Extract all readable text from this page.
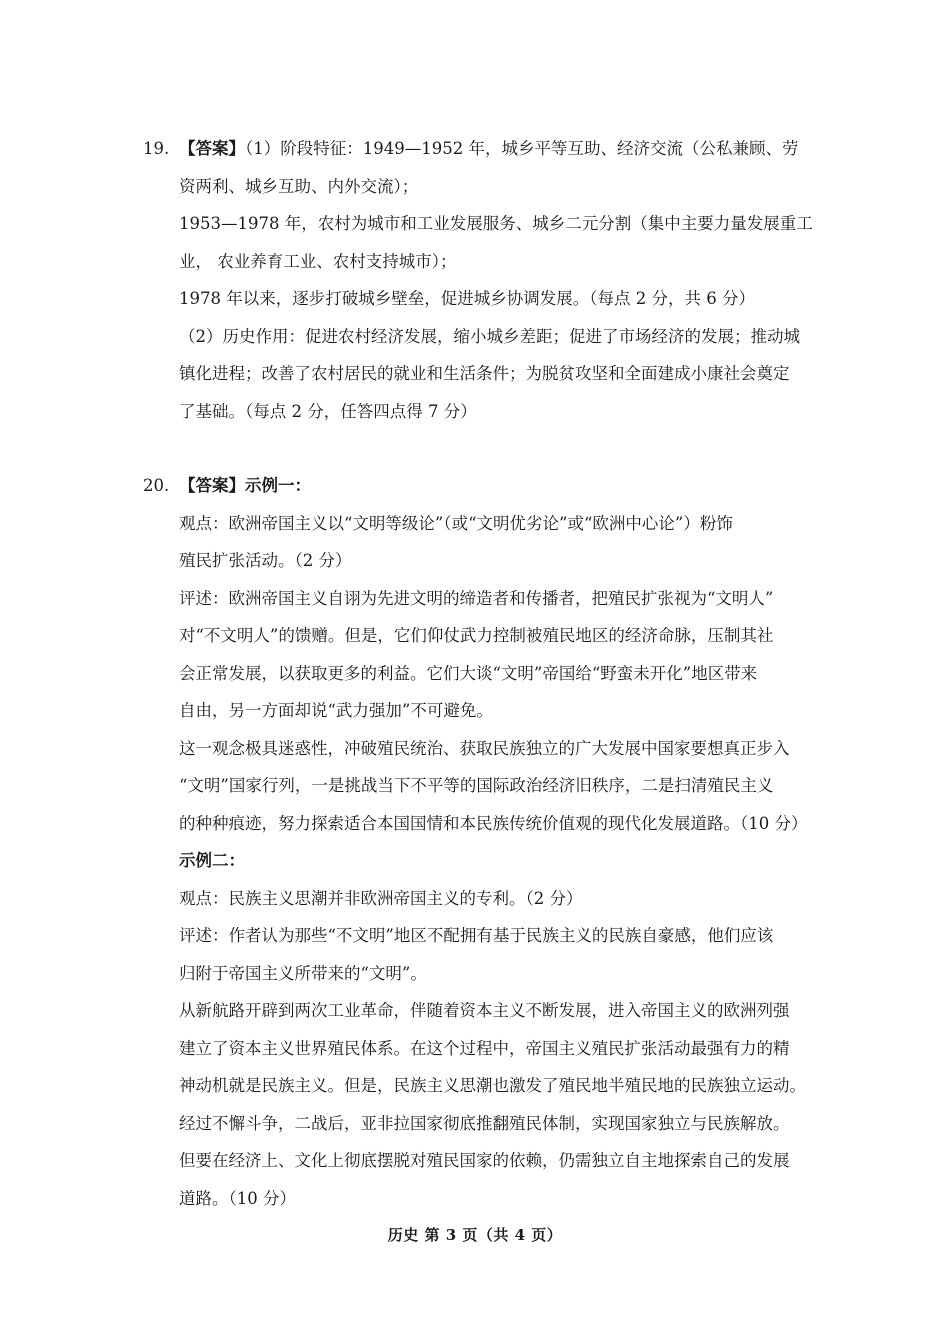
19. 【答案】（1）阶段特征：1949—1952 年，城乡平等互助、经济交流（公私兼顾、劳
资两利、城乡互助、内外交流）；
1953—1978 年，农村为城市和工业发展服务、城乡二元分割（集中主要力量发展重工
业， 农业养育工业、农村支持城市）；
1978 年以来，逐步打破城乡壁垒，促进城乡协调发展。（每点 2 分，共 6 分）
（2）历史作用：促进农村经济发展，缩小城乡差距；促进了市场经济的发展；推动城
镇化进程；改善了农村居民的就业和生活条件；为脱贫攻坚和全面建成小康社会奠定
了基础。（每点 2 分，任答四点得 7 分）
20. 【答案】示例一：
观点：欧洲帝国主义以“文明等级论”（或“文明优劣论”或“欧洲中心论”）粉饰
殖民扩张活动。（2 分）
评述：欧洲帝国主义自诩为先进文明的缔造者和传播者，把殖民扩张视为“文明人”
对“不文明人”的馈赠。但是，它们仰仗武力控制被殖民地区的经济命脉，压制其社
会正常发展，以获取更多的利益。它们大谈“文明”帝国给“野蛮未开化”地区带来
自由，另一方面却说“武力强加”不可避免。
这一观念极具迷惑性，冲破殖民统治、获取民族独立的广大发展中国家要想真正步入
“文明”国家行列，一是挑战当下不平等的国际政治经济旧秩序，二是扫清殖民主义
的种种痕迹，努力探索适合本国国情和本民族传统价值观的现代化发展道路。（10 分）
示例二：
观点：民族主义思潮并非欧洲帝国主义的专利。（2 分）
评述：作者认为那些“不文明”地区不配拥有基于民族主义的民族自豪感，他们应该
归附于帝国主义所带来的“文明”。
从新航路开辟到两次工业革命，伴随着资本主义不断发展，进入帝国主义的欧洲列强
建立了资本主义世界殖民体系。在这个过程中，帝国主义殖民扩张活动最强有力的精
神动机就是民族主义。但是，民族主义思潮也激发了殖民地半殖民地的民族独立运动。
经过不懈斗争，二战后，亚非拉国家彻底推翻殖民体制，实现国家独立与民族解放。
但要在经济上、文化上彻底摆脱对殖民国家的依赖，仍需独立自主地探索自己的发展
道路。（10 分）
历史 第 3 页（共 4 页）
